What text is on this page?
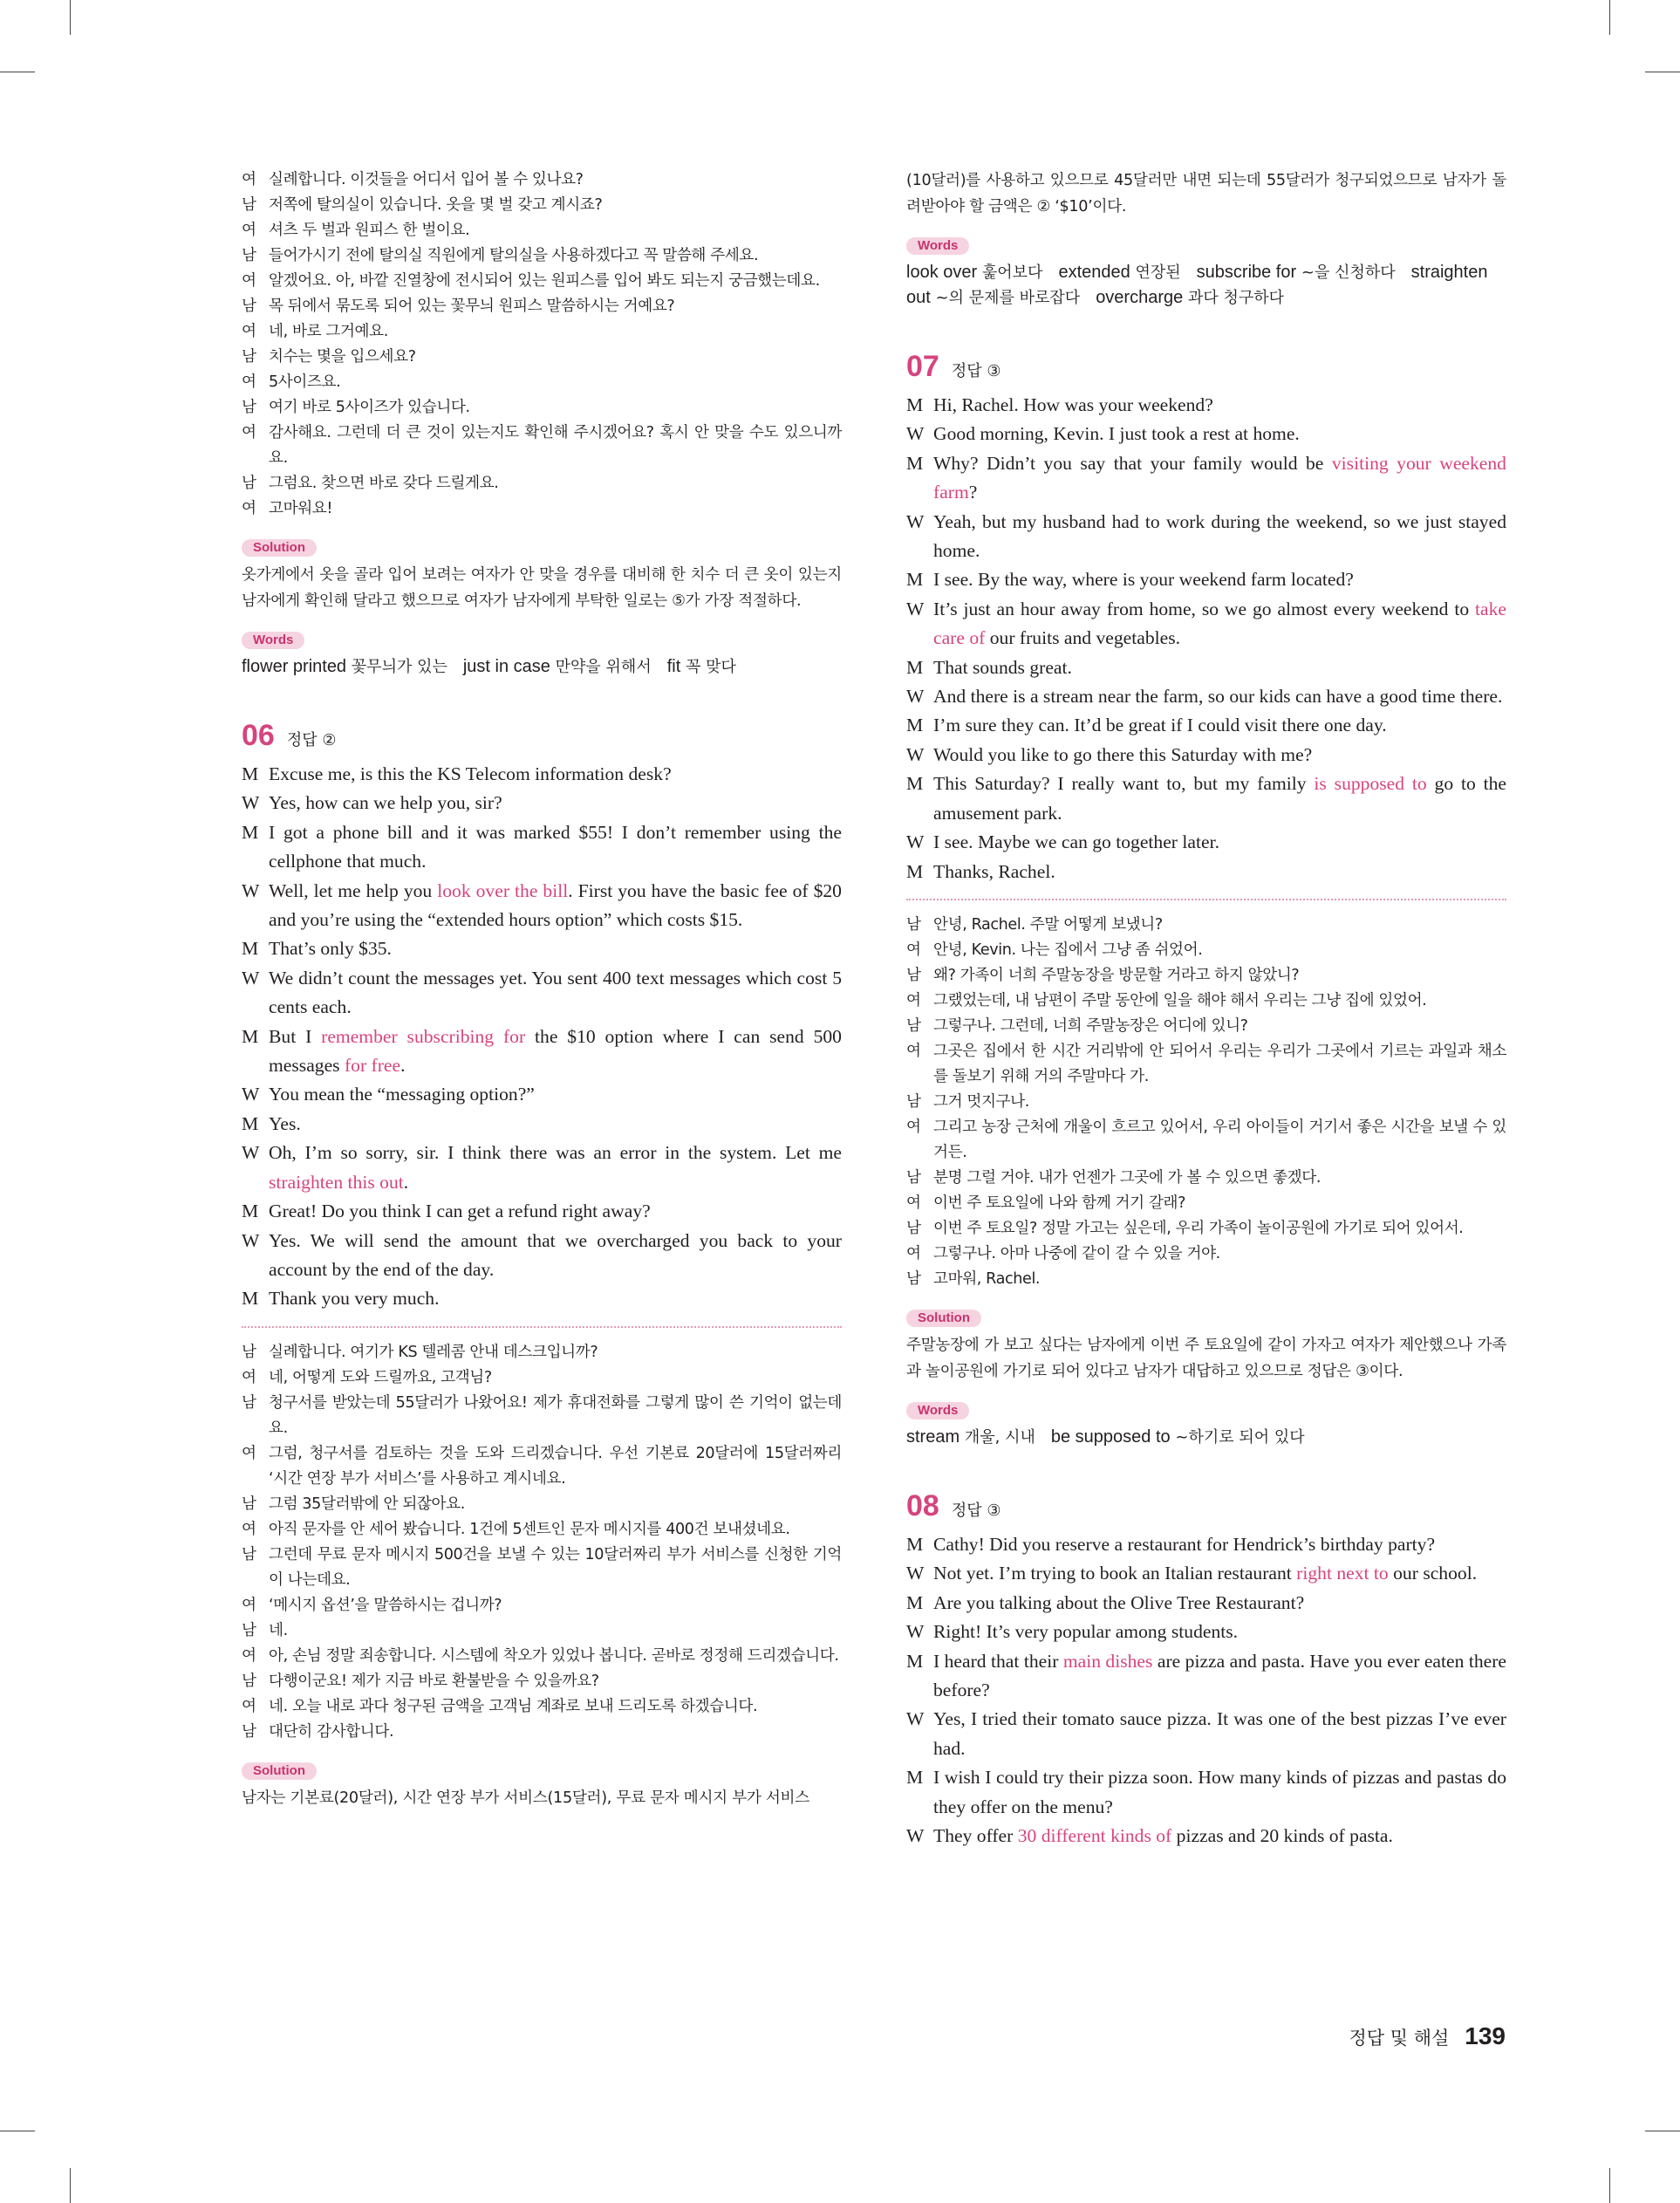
여 실례합니다. 이것들을 어디서 입어 볼 수 있나요?
남 저쪽에 탈의실이 있습니다. 옷을 몇 벌 갖고 계시죠?
여 셔츠 두 벌과 원피스 한 벌이요.
남 들어가시기 전에 탈의실 직원에게 탈의실을 사용하겠다고 꼭 말씀해 주세요.
여 알겠어요. 아, 바깥 진열창에 전시되어 있는 원피스를 입어 봐도 되는지 궁금했는데요.
남 목 뒤에서 묶도록 되어 있는 꽃무늬 원피스 말씀하시는 거예요?
여 네, 바로 그거예요.
남 치수는 몇을 입으세요?
여 5사이즈요.
남 여기 바로 5사이즈가 있습니다.
여 감사해요. 그런데 더 큰 것이 있는지도 확인해 주시겠어요? 혹시 안 맞을 수도 있으니까요.
남 그럼요. 찾으면 바로 갖다 드릴게요.
여 고마워요!
Solution
옷가게에서 옷을 골라 입어 보려는 여자가 안 맞을 경우를 대비해 한 치수 더 큰 옷이 있는지 남자에게 확인해 달라고 했으므로 여자가 남자에게 부탁한 일로는 ⑤가 가장 적절하다.
Words
flower printed 꽃무늬가 있는  just in case 만약을 위해서  fit 꼭 맞다 
06 정답 ②
M Excuse me, is this the KS Telecom information desk?
W Yes, how can we help you, sir?
M I got a phone bill and it was marked $55! I don’t remember using the cellphone that much.
W Well, let me help you look over the bill. First you have the basic fee of $20 and you’re using the “extended hours option” which costs $15.
M That’s only $35.
W We didn’t count the messages yet. You sent 400 text messages which cost 5 cents each.
M But I remember subscribing for the $10 option where I can send 500 messages for free.
W You mean the “messaging option?”
M Yes.
W Oh, I’m so sorry, sir. I think there was an error in the system. Let me straighten this out.
M Great! Do you think I can get a refund right away?
W Yes. We will send the amount that we overcharged you back to your account by the end of the day.
M Thank you very much.
남 실례합니다. 여기가 KS 텔레콤 안내 데스크입니까?
여 네, 어떻게 도와 드릴까요, 고객님?
남 청구서를 받았는데 55달러가 나왔어요! 제가 휴대전화를 그렇게 많이 쓴 기억이 없는데요.
여 그럼, 청구서를 검토하는 것을 도와 드리겠습니다. 우선 기본료 20달러에 15달러짜리 ‘시간 연장 부가 서비스’를 사용하고 계시네요.
남 그럼 35달러밖에 안 되잖아요.
여 아직 문자를 안 세어 봤습니다. 1건에 5센트인 문자 메시지를 400건 보내셨네요.
남 그런데 무료 문자 메시지 500건을 보낼 수 있는 10달러짜리 부가 서비스를 신청한 기억이 나는데요.
여 ‘메시지 옵션’을 말씀하시는 겁니까?
남 네.
여 아, 손님 정말 죄송합니다. 시스템에 착오가 있었나 봅니다. 곧바로 정정해 드리겠습니다.
남 다행이군요! 제가 지금 바로 환불받을 수 있을까요?
여 네. 오늘 내로 과다 청구된 금액을 고객님 계좌로 보내 드리도록 하겠습니다.
남 대단히 감사합니다.
Solution
남자는 기본료(20달러), 시간 연장 부가 서비스(15달러), 무료 문자 메시지 부가 서비스
(10달러)를 사용하고 있으므로 45달러만 내면 되는데 55달러가 청구되었으므로 남자가 돌려받아야 할 금액은 ② ‘$10’이다.
Words
look over 훑어보다  extended 연장된  subscribe for ~을 신청하다  straighten out ~의 문제를 바로잡다  overcharge 과다 청구하다 
07 정답 ③
M Hi, Rachel. How was your weekend?
W Good morning, Kevin. I just took a rest at home.
M Why? Didn’t you say that your family would be visiting your weekend farm?
W Yeah, but my husband had to work during the weekend, so we just stayed home.
M I see. By the way, where is your weekend farm located?
W It’s just an hour away from home, so we go almost every weekend to take care of our fruits and vegetables.
M That sounds great.
W And there is a stream near the farm, so our kids can have a good time there.
M I’m sure they can. It’d be great if I could visit there one day.
W Would you like to go there this Saturday with me?
M This Saturday? I really want to, but my family is supposed to go to the amusement park.
W I see. Maybe we can go together later.
M Thanks, Rachel.
남 안녕, Rachel. 주말 어떻게 보냈니?
여 안녕, Kevin. 나는 집에서 그냥 좀 쉬었어.
남 왜? 가족이 너희 주말농장을 방문할 거라고 하지 않았니?
여 그랬었는데, 내 남편이 주말 동안에 일을 해야 해서 우리는 그냥 집에 있었어.
남 그렇구나. 그런데, 너희 주말농장은 어디에 있니?
여 그곳은 집에서 한 시간 거리밖에 안 되어서 우리는 우리가 그곳에서 기르는 과일과 채소를 돌보기 위해 거의 주말마다 가.
남 그거 멋지구나.
여 그리고 농장 근처에 개울이 흐르고 있어서, 우리 아이들이 거기서 좋은 시간을 보낼 수 있거든.
남 분명 그럴 거야. 내가 언젠가 그곳에 가 볼 수 있으면 좋겠다.
여 이번 주 토요일에 나와 함께 거기 갈래?
남 이번 주 토요일? 정말 가고는 싶은데, 우리 가족이 놀이공원에 가기로 되어 있어서.
여 그렇구나. 아마 나중에 같이 갈 수 있을 거야.
남 고마워, Rachel.
Solution
주말농장에 가 보고 싶다는 남자에게 이번 주 토요일에 같이 가자고 여자가 제안했으나 가족과 놀이공원에 가기로 되어 있다고 남자가 대답하고 있으므로 정답은 ③이다.
Words
stream 개울, 시내  be supposed to ~하기로 되어 있다 
08 정답 ③
M Cathy! Did you reserve a restaurant for Hendrick’s birthday party?
W Not yet. I’m trying to book an Italian restaurant right next to our school.
M Are you talking about the Olive Tree Restaurant?
W Right! It’s very popular among students.
M I heard that their main dishes are pizza and pasta. Have you ever eaten there before?
W Yes, I tried their tomato sauce pizza. It was one of the best pizzas I’ve ever had.
M I wish I could try their pizza soon. How many kinds of pizzas and pastas do they offer on the menu?
W They offer 30 different kinds of pizzas and 20 kinds of pasta.
정답 및 해설 139
